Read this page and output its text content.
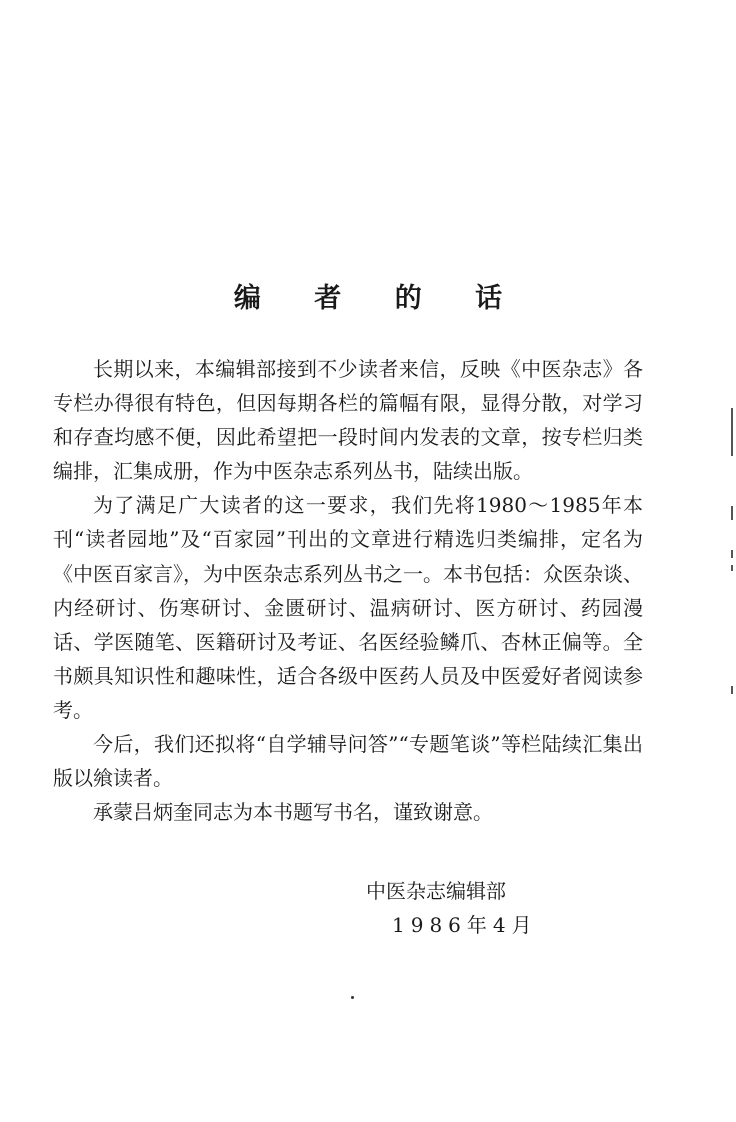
编 者 的 话

长期以来，本编辑部接到不少读者来信，反映《中医杂志》各专栏办得很有特色，但因每期各栏的篇幅有限，显得分散，对学习和存查均感不便，因此希望把一段时间内发表的文章，按专栏归类编排，汇集成册，作为中医杂志系列丛书，陆续出版。

为了满足广大读者的这一要求，我们先将1980～1985年本刊“读者园地”及“百家园”刊出的文章进行精选归类编排，定名为《中医百家言》，为中医杂志系列丛书之一。本书包括：众医杂谈、内经研讨、伤寒研讨、金匮研讨、温病研讨、医方研讨、药园漫话、学医随笔、医籍研讨及考证、名医经验鳞爪、杏林正偏等。全书颇具知识性和趣味性，适合各级中医药人员及中医爱好者阅读参考。

今后，我们还拟将“自学辅导问答”“专题笔谈”等栏陆续汇集出版以飨读者。

承蒙吕炳奎同志为本书题写书名，谨致谢意。

中医杂志编辑部
1986年4月
